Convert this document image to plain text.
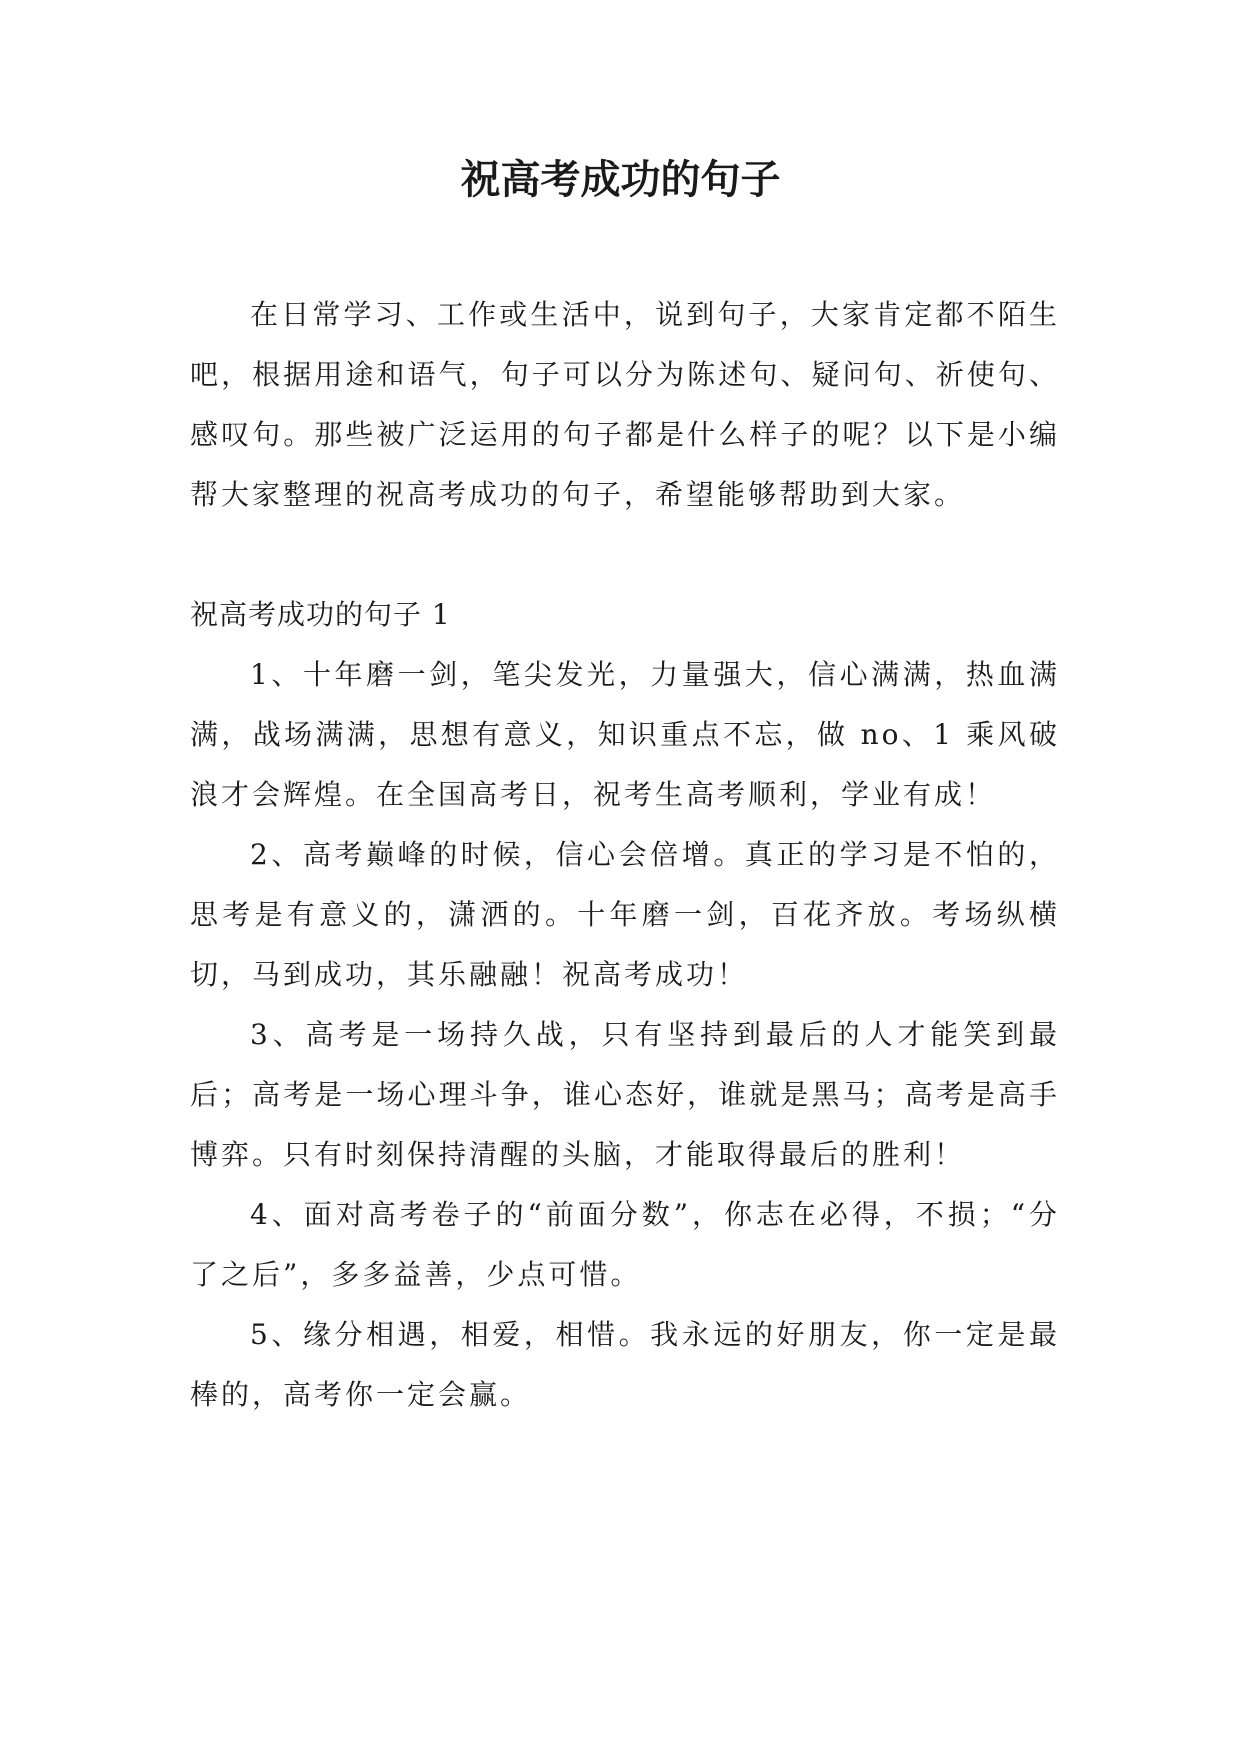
祝高考成功的句子

在日常学习、工作或生活中，说到句子，大家肯定都不陌生吧，根据用途和语气，句子可以分为陈述句、疑问句、祈使句、感叹句。那些被广泛运用的句子都是什么样子的呢？以下是小编帮大家整理的祝高考成功的句子，希望能够帮助到大家。

祝高考成功的句子 1

1、十年磨一剑，笔尖发光，力量强大，信心满满，热血满满，战场满满，思想有意义，知识重点不忘，做 no、1 乘风破浪才会辉煌。在全国高考日，祝考生高考顺利，学业有成！

2、高考巅峰的时候，信心会倍增。真正的学习是不怕的，思考是有意义的，潇洒的。十年磨一剑，百花齐放。考场纵横切，马到成功，其乐融融！祝高考成功！

3、高考是一场持久战，只有坚持到最后的人才能笑到最后；高考是一场心理斗争，谁心态好，谁就是黑马；高考是高手博弈。只有时刻保持清醒的头脑，才能取得最后的胜利！

4、面对高考卷子的“前面分数”，你志在必得，不损；“分了之后”，多多益善，少点可惜。

5、缘分相遇，相爱，相惜。我永远的好朋友，你一定是最棒的，高考你一定会赢。
